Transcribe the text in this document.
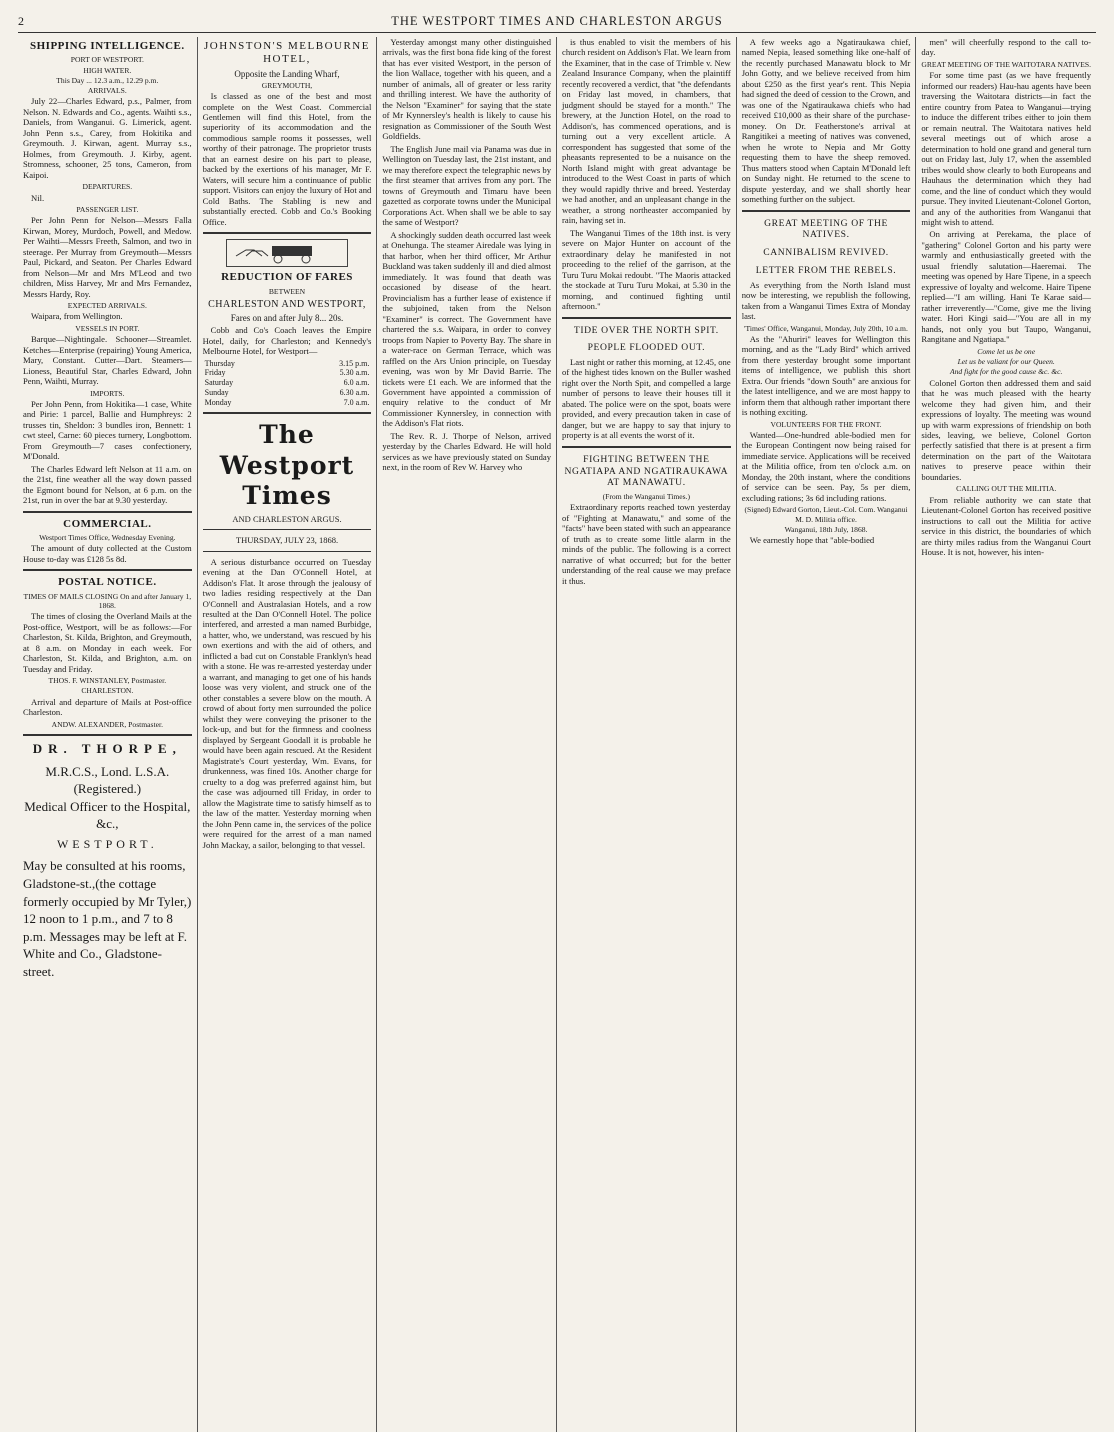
2	THE WESTPORT TIMES AND CHARLESTON ARGUS
SHIPPING INTELLIGENCE.
PORT OF WESTPORT.
HIGH WATER.
This Day ... 12.3 a.m., 12.29 p.m.
ARRIVALS.

July 22—Charles Edward, p.s., Palmer, from Nelson. N. Edwards and Co., agents. Waihti s.s., Daniels, from Wanganui. G. Limerick, agent. John Penn s.s., Carey, from Hokitika and Greymouth. J. Kirwan, agent. Murray s.s., Holmes, from Greymouth. J. Kirby, agent. Stromness, schooner, 25 tons, Cameron, from Kaipoi.

DEPARTURES.

Nil.

PASSENGER LIST.

Per John Penn for Nelson—Messrs Falla Kirwan, Morey, Murdoch, Powell, and Medow. Per Waihti—Messrs Freeth, Salmon, and two in steerage. Per Murray from Greymouth—Messrs Paul, Pickard, and Seaton. Per Charles Edward from Nelson—Mr and Mrs M'Leod and two children, Miss Harvey, Mr and Mrs Fernandez, Messrs Hardy, Roy.

EXPECTED ARRIVALS.

Waipara, from Wellington.

VESSELS IN PORT.

Barque—Nightingale. Schooner—Streamlet. Ketches—Enterprise (repairing) Young America, Mary, Constant. Cutter—Dart. Steamers—Lioness, Beautiful Star, Charles Edward, John Penn, Waihti, Murray.

IMPORTS.

Per John Penn, from Hokitika—1 case, White and Pirie: 1 parcel, Ballie and Humphreys: 2 trusses tin, Sheldon: 3 bundles iron, Bennett: 1 cwt steel, Carne: 60 pieces turnery, Longbottom. From Greymouth—7 cases confectionery, M'Donald.

The Charles Edward left Nelson at 11 a.m. on the 21st, fine weather all the way down passed the Egmont bound for Nelson, at 6 p.m. on the 21st, run in over the bar at 9.30 yesterday.

COMMERCIAL.
Westport Times Office, Wednesday Evening.

The amount of duty collected at the Custom House to-day was £128 5s 8d.

POSTAL NOTICE.
TIMES OF MAILS CLOSING On and after January 1, 1868.

The times of closing the Overland Mails at the Post-office, Westport, will be as follows:—For Charleston, St. Kilda, Brighton, and Greymouth, at 8 a.m. on Monday in each week. For Charleston, St. Kilda, and Brighton, a.m. on Tuesday and Friday.

THOS. F. WINSTANLEY, Postmaster.
CHARLESTON.

Arrival and departure of Mails at Post-office Charleston.

ANDW. ALEXANDER, Postmaster.
DR. THORPE,
M.R.C.S., Lond. L.S.A. (Registered.)
Medical Officer to the Hospital, &c.,
WESTPORT.
May be consulted at his rooms, Gladstone-st.,(the cottage formerly occupied by Mr Tyler,) 12 noon to 1 p.m., and 7 to 8 p.m. Messages may be left at F. White and Co., Gladstone-street.
JOHNSTON'S MELBOURNE HOTEL,
Opposite the Landing Wharf,
GREYMOUTH,

Is classed as one of the best and most complete on the West Coast. Commercial Gentlemen will find this Hotel, from the superiority of its accommodation and the commodious sample rooms it possesses, well worthy of their patronage. The proprietor trusts that an earnest desire on his part to please, backed by the exertions of his manager, Mr F. Waters, will secure him a continuance of public support. Visitors can enjoy the luxury of Hot and Cold Baths. The Stabling is new and substantially erected. Cobb and Co.'s Booking Office.

REDUCTION OF FARES
BETWEEN
CHARLESTON AND WESTPORT,
Fares on and after July 8... 20s.

Cobb and Co's Coach leaves the Empire Hotel, daily, for Charleston; and Kennedy's Melbourne Hotel, for Westport—

Thursday	3.15 p.m.
Friday	5.30 a.m.
Saturday	6.0 a.m.
Sunday	6.30 a.m.
Monday	7.0 a.m.
The Westport Times
AND CHARLESTON ARGUS.
THURSDAY, JULY 23, 1868.

A serious disturbance occurred on Tuesday evening at the Dan O'Connell Hotel, at Addison's Flat. It arose through the jealousy of two ladies residing respectively at the Dan O'Connell and Australasian Hotels, and a row resulted at the Dan O'Connell Hotel. The police interfered, and arrested a man named Burbidge, a hatter, who, we understand, was rescued by his own exertions and with the aid of others, and inflicted a bad cut on Constable Franklyn's head with a stone. He was re-arrested yesterday under a warrant, and managing to get one of his hands loose was very violent, and struck one of the other constables a severe blow on the mouth. A crowd of about forty men surrounded the police whilst they were conveying the prisoner to the lock-up, and but for the firmness and coolness displayed by Sergeant Goodall it is probable he would have been again rescued. At the Resident Magistrate's Court yesterday, Wm. Evans, for drunkenness, was fined 10s. Another charge for cruelty to a dog was preferred against him, but the case was adjourned till Friday, in order to allow the Magistrate time to satisfy himself as to the law of the matter. Yesterday morning when the John Penn came in, the services of the police were required for the arrest of a man named John Mackay, a sailor, belonging to that vessel.

Yesterday amongst many other distinguished arrivals, was the first bona fide king of the forest that has ever visited Westport, in the person of the lion Wallace, together with his queen, and a number of animals, all of greater or less rarity and thrilling interest. We have the authority of the Nelson "Examiner" for saying that the state of Mr Kynnersley's health is likely to cause his resignation as Commissioner of the South West Goldfields.

The English June mail via Panama was due in Wellington on Tuesday last, the 21st instant, and we may therefore expect the telegraphic news by the first steamer that arrives from any port. The towns of Greymouth and Timaru have been gazetted as corporate towns under the Municipal Corporations Act. When shall we be able to say the same of Westport?

A shockingly sudden death occurred last week at Onehunga. The steamer Airedale was lying in that harbor, when her third officer, Mr Arthur Buckland was taken suddenly ill and died almost immediately. It was found that death was occasioned by disease of the heart. Provincialism has a further lease of existence if the subjoined, taken from the Nelson "Examiner" is correct. The Government have chartered the s.s. Waipara, in order to convey troops from Napier to Poverty Bay. The share in a water-race on German Terrace, which was raffled on the Ars Union principle, on Tuesday evening, was won by Mr David Barrie. The tickets were £1 each. We are informed that the Government have appointed a commission of enquiry relative to the conduct of Mr Commissioner Kynnersley, in connection with the Addison's Flat riots.

The Rev. R. J. Thorpe of Nelson, arrived yesterday by the Charles Edward. He will hold services as we have previously stated on Sunday next, in the room of Rev W. Harvey who

is thus enabled to visit the members of his church resident on Addison's Flat. We learn from the Examiner, that in the case of Trimble v. New Zealand Insurance Company, when the plaintiff recently recovered a verdict, that "the defendants on Friday last moved, in chambers, that judgment should be stayed for a month." The brewery, at the Junction Hotel, on the road to Addison's, has commenced operations, and is turning out a very excellent article. A correspondent has suggested that some of the pheasants represented to be a nuisance on the North Island might with great advantage be introduced to the West Coast in parts of which they would rapidly thrive and breed. Yesterday we had another, and an unpleasant change in the weather, a strong northeaster accompanied by rain, having set in.

The Wanganui Times of the 18th inst. is very severe on Major Hunter on account of the extraordinary delay he manifested in not proceeding to the relief of the garrison, at the Turu Turu Mokai redoubt. "The Maoris attacked the stockade at Turu Turu Mokai, at 5.30 in the morning, and continued fighting until afternoon."

TIDE OVER THE NORTH SPIT.
PEOPLE FLOODED OUT.

Last night or rather this morning, at 12.45, one of the highest tides known on the Buller washed right over the North Spit, and compelled a large number of persons to leave their houses till it abated. The police were on the spot, boats were provided, and every precaution taken in case of danger, but we are happy to say that injury to property is at all events the worst of it.

FIGHTING BETWEEN THE NGATIAPA AND NGATIRAUKAWA AT MANAWATU.
(From the Wanganui Times.)

Extraordinary reports reached town yesterday of "Fighting at Manawatu," and some of the "facts" have been stated with such an appearance of truth as to create some little alarm in the minds of the public. The following is a correct narrative of what occurred; but for the better understanding of the real cause we may preface it thus.

A few weeks ago a Ngatiraukawa chief, named Nepia, leased something like one-half of the recently purchased Manawatu block to Mr John Gotty, and we believe received from him about £250 as the first year's rent. This Nepia had signed the deed of cession to the Crown, and was one of the Ngatiraukawa chiefs who had received £10,000 as their share of the purchase-money. On Dr. Featherstone's arrival at Rangitikei a meeting of natives was convened, when he wrote to Nepia and Mr Gotty requesting them to have the sheep removed. Thus matters stood when Captain M'Donald left on Sunday night. He returned to the scene to dispute yesterday, and we shall shortly hear something further on the subject.

GREAT MEETING OF THE NATIVES.
CANNIBALISM REVIVED.
LETTER FROM THE REBELS.

As everything from the North Island must now be interesting, we republish the following, taken from a Wanganui Times Extra of Monday last.

'Times' Office, Wanganui, Monday, July 20th, 10 a.m.

As the "Ahuriri" leaves for Wellington this morning, and as the "Lady Bird" which arrived from there yesterday brought some important items of intelligence, we publish this short Extra. Our friends "down South" are anxious for the latest intelligence, and we are most happy to inform them that although rather important there is nothing exciting.

VOLUNTEERS FOR THE FRONT.

Wanted—One-hundred able-bodied men for the European Contingent now being raised for immediate service. Applications will be received at the Militia office, from ten o'clock a.m. on Monday, the 20th instant, where the conditions of service can be seen. Pay, 5s per diem, excluding rations; 3s 6d including rations.

(Signed) Edward Gorton, Lieut.-Col. Com. Wanganui M. D. Militia office.
Wanganui, 18th July, 1868.

We earnestly hope that "able-bodied

men" will cheerfully respond to the call to-day.

GREAT MEETING OF THE WAITOTARA NATIVES.

For some time past (as we have frequently informed our readers) Hau-hau agents have been traversing the Waitotara districts—in fact the entire country from Patea to Wanganui—trying to induce the different tribes either to join them or remain neutral. The Waitotara natives held several meetings out of which arose a determination to hold one grand and general turn out on Friday last, July 17, when the assembled tribes would show clearly to both Europeans and Hauhaus the determination which they had come, and the line of conduct which they would pursue. They invited Lieutenant-Colonel Gorton, and any of the authorities from Wanganui that might wish to attend.

On arriving at Perekama, the place of "gathering" Colonel Gorton and his party were warmly and enthusiastically greeted with the usual friendly salutation—Haeremai. The meeting was opened by Hare Tipene, in a speech expressive of loyalty and welcome. Haire Tipene replied—"I am willing. Hani Te Karae said—rather irreverently—"Come, give me the living water. Hori Kingi said—"You are all in my hands, not only you but Taupo, Wanganui, Rangitane and Ngatiapa."

Come let us be one
Let us be valiant for our Queen.
And fight for the good cause &c. &c.

Colonel Gorton then addressed them and said that he was much pleased with the hearty welcome they had given him, and their expressions of loyalty. The meeting was wound up with warm expressions of friendship on both sides, leaving, we believe, Colonel Gorton perfectly satisfied that there is at present a firm determination on the part of the Waitotara natives to preserve peace within their boundaries.

CALLING OUT THE MILITIA.

From reliable authority we can state that Lieutenant-Colonel Gorton has received positive instructions to call out the Militia for active service in this district, the boundaries of which are thirty miles radius from the Wanganui Court House. It is not, however, his inten-
